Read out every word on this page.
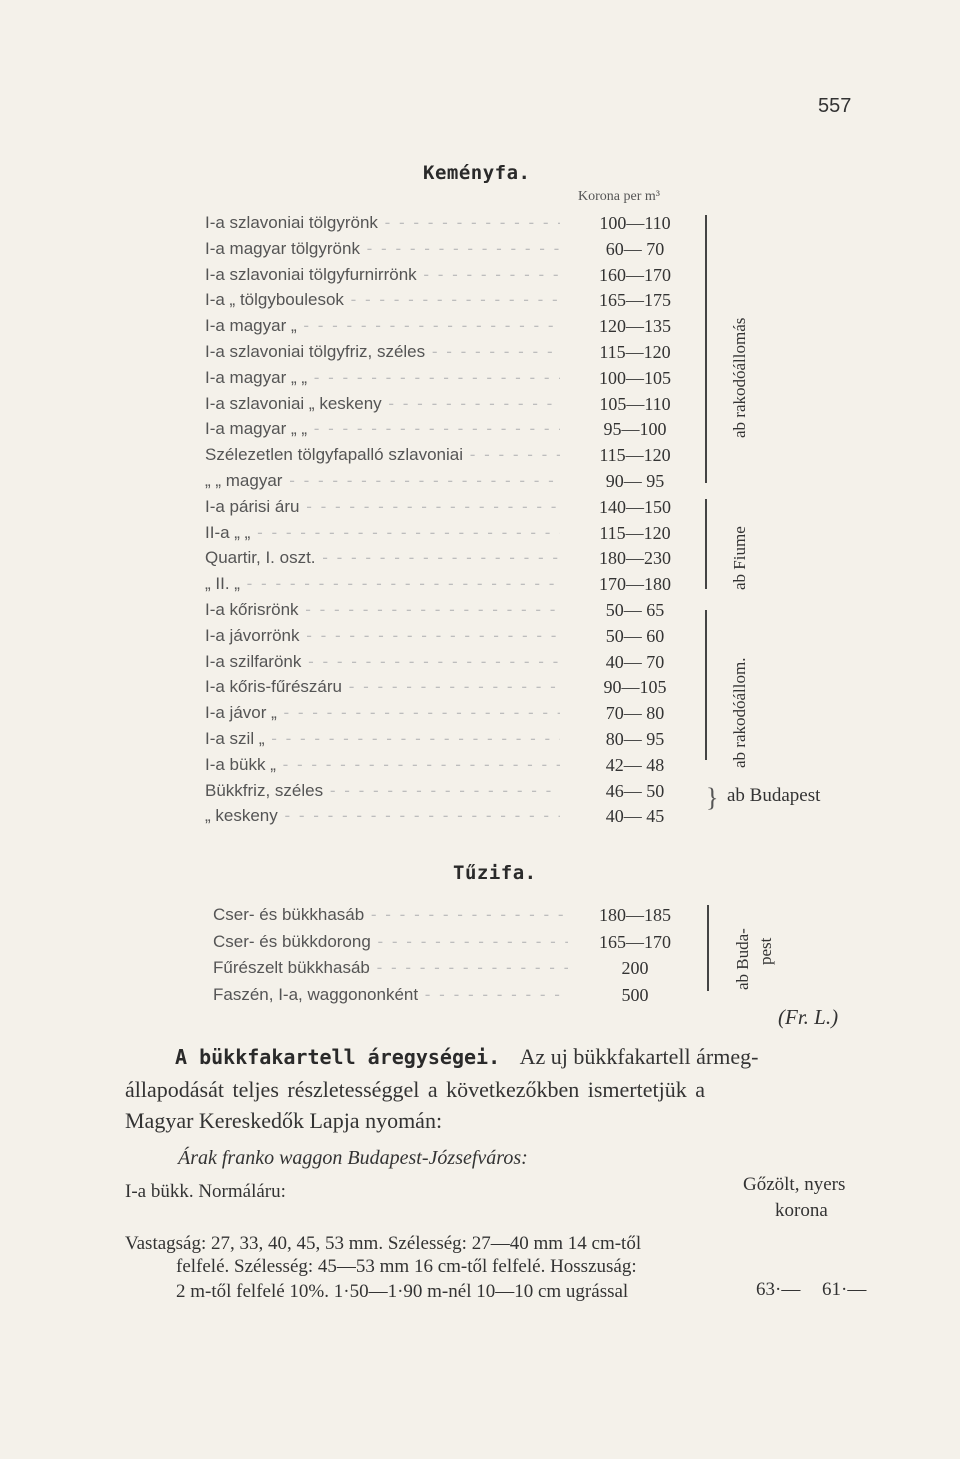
557
Keményfa.
Korona per m³
I-a szlavoniai tölgyrönk - - -	100—110
I-a magyar tölgyrönk - - -	60— 70
I-a szlavoniai tölgyfurnirrönk - - -	160—170
I-a „ tölgyboulesok - - -	165—175
I-a magyar „ - - -	120—135
I-a szlavoniai tölgyfriz, széles - - -	115—120
I-a magyar „ „ - - -	100—105
I-a szlavoniai „ keskeny - - -	105—110
I-a magyar „ „ - - -	95—100
Szélezetlen tölgyfapalló szlavoniai - - -	115—120
„ „ magyar - - -	90— 95
I-a párisi áru - - -	140—150
II-a „ „ - - -	115—120
Quartir, I. oszt. - - -	180—230
„ II. „ - - -	170—180
I-a kőrisrönk - - -	50— 65
I-a jávorrönk - - -	50— 60
I-a szilfarönk - - -	40— 70
I-a kőris-fűrészáru - - -	90—105
I-a jávor „ - - -	70— 80
I-a szil „ - - -	80— 95
I-a bükk „ - - -	42— 48
Bükkfriz, széles - - -	46— 50
„ keskeny - - -	40— 45
ab rakodóállomás
ab Fiume
ab rakodóállom.
} ab Budapest
Tűzifa.
Cser- és bükkhasáb - - -	180—185
Cser- és bükkdorong - - -	165—170
Fűrészelt bükkhasáb - - -	200
Faszén, I-a, waggononként - - -	500
ab Buda- pest
(Fr. L.)
A bükkfakartell áregységei. Az uj bükkfakartell ármeg-
állapodását teljes részletességgel a következőkben ismertetjük a
Magyar Kereskedők Lapja nyomán:
Árak franko waggon Budapest-Józsefváros:
I-a bükk. Normáláru:	Gőzölt, nyers
korona
Vastagság: 27, 33, 40, 45, 53 mm. Szélesség: 27—40 mm 14 cm-től
felfelé. Szélesség: 45—53 mm 16 cm-től felfelé. Hosszuság:
2 m-től felfelé 10%. 1·50—1·90 m-nél 10—10 cm ugrással	63·— 61·—
